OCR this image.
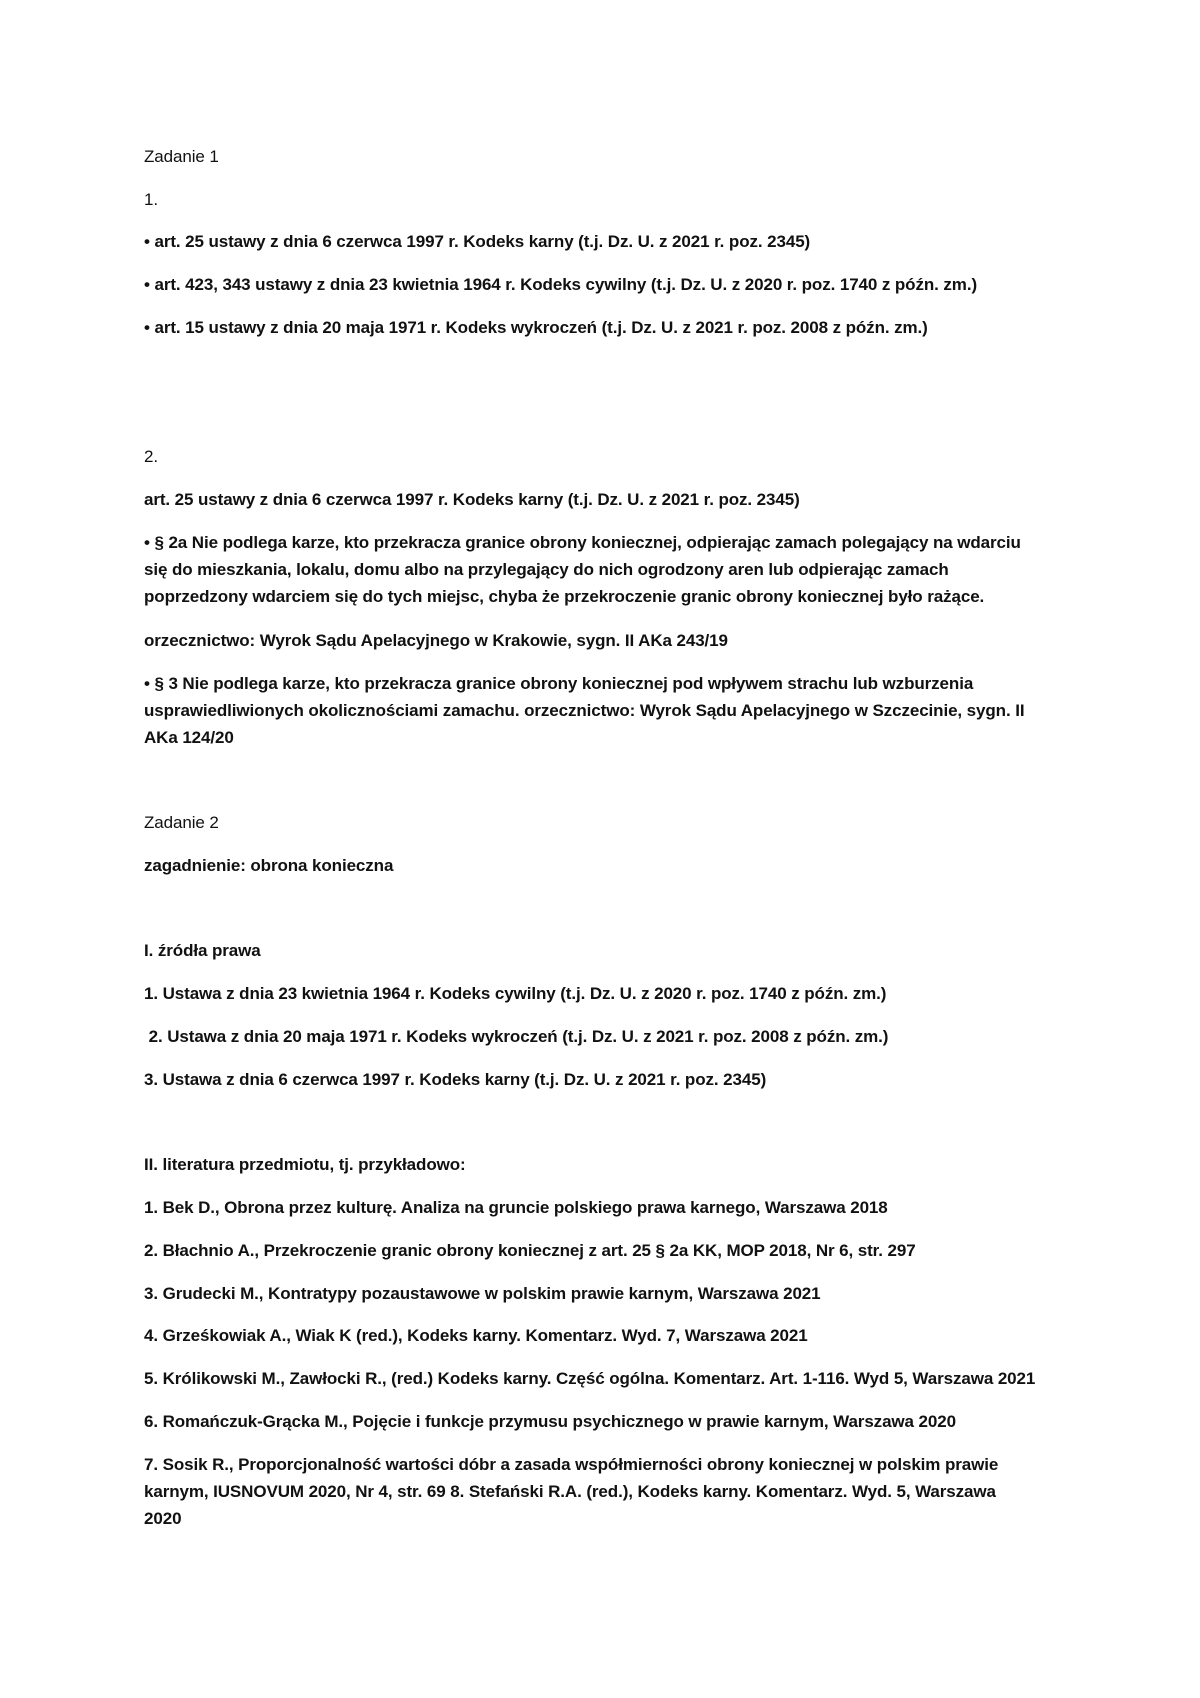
Zadanie 1
1.
• art. 25 ustawy z dnia 6 czerwca 1997 r. Kodeks karny (t.j. Dz. U. z 2021 r. poz. 2345)
• art. 423, 343 ustawy z dnia 23 kwietnia 1964 r. Kodeks cywilny (t.j. Dz. U. z 2020 r. poz. 1740 z późn. zm.)
• art. 15 ustawy z dnia 20 maja 1971 r. Kodeks wykroczeń (t.j. Dz. U. z 2021 r. poz. 2008 z późn. zm.)
2.
art. 25 ustawy z dnia 6 czerwca 1997 r. Kodeks karny (t.j. Dz. U. z 2021 r. poz. 2345)
• § 2a Nie podlega karze, kto przekracza granice obrony koniecznej, odpierając zamach polegający na wdarciu
się do mieszkania, lokalu, domu albo na przylegający do nich ogrodzony aren lub odpierając zamach
poprzedzony wdarciem się do tych miejsc, chyba że przekroczenie granic obrony koniecznej było rażące.
orzecznictwo: Wyrok Sądu Apelacyjnego w Krakowie, sygn. II AKa 243/19
• § 3 Nie podlega karze, kto przekracza granice obrony koniecznej pod wpływem strachu lub wzburzenia
usprawiedliwionych okolicznościami zamachu. orzecznictwo: Wyrok Sądu Apelacyjnego w Szczecinie, sygn. II
AKa 124/20
Zadanie 2
zagadnienie: obrona konieczna
I. źródła prawa
1. Ustawa z dnia 23 kwietnia 1964 r. Kodeks cywilny (t.j. Dz. U. z 2020 r. poz. 1740 z późn. zm.)
2. Ustawa z dnia 20 maja 1971 r. Kodeks wykroczeń (t.j. Dz. U. z 2021 r. poz. 2008 z późn. zm.)
3. Ustawa z dnia 6 czerwca 1997 r. Kodeks karny (t.j. Dz. U. z 2021 r. poz. 2345)
II. literatura przedmiotu, tj. przykładowo:
1. Bek D., Obrona przez kulturę. Analiza na gruncie polskiego prawa karnego, Warszawa 2018
2. Błachnio A., Przekroczenie granic obrony koniecznej z art. 25 § 2a KK, MOP 2018, Nr 6, str. 297
3. Grudecki M., Kontratypy pozaustawowe w polskim prawie karnym, Warszawa 2021
4. Grześkowiak A., Wiak K (red.), Kodeks karny. Komentarz. Wyd. 7, Warszawa 2021
5. Królikowski M., Zawłocki R., (red.) Kodeks karny. Część ogólna. Komentarz. Art. 1-116. Wyd 5, Warszawa 2021
6. Romańczuk-Grącka M., Pojęcie i funkcje przymusu psychicznego w prawie karnym, Warszawa 2020
7. Sosik R., Proporcjonalność wartości dóbr a zasada współmierności obrony koniecznej w polskim prawie
karnym, IUSNOVUM 2020, Nr 4, str. 69 8. Stefański R.A. (red.), Kodeks karny. Komentarz. Wyd. 5, Warszawa
2020
